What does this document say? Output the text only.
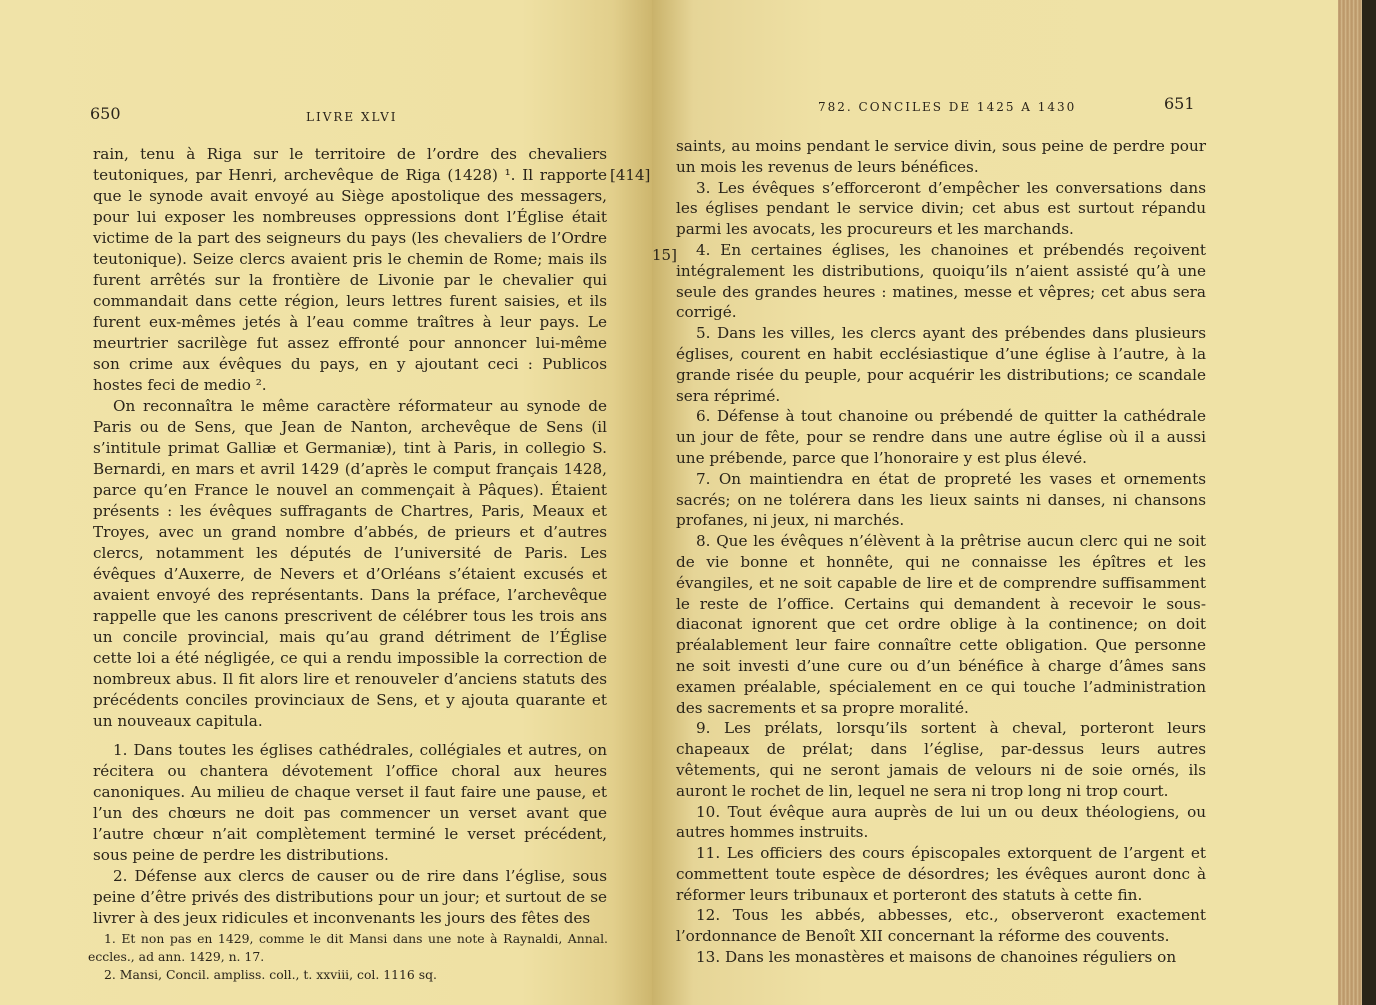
650	LIVRE XLVI

rain, tenu à Riga sur le territoire de l’ordre des chevaliers teutoniques, par Henri, archevêque de Riga (1428) ¹. Il rapporte que le synode avait envoyé au Siège apostolique des messagers, pour lui exposer les nombreuses oppressions dont l’Église était victime de la part des seigneurs du pays (les chevaliers de l’Ordre teutonique). Seize clercs avaient pris le chemin de Rome; mais ils furent arrêtés sur la frontière de Livonie par le chevalier qui commandait dans cette région, leurs lettres furent saisies, et ils furent eux-mêmes jetés à l’eau comme traîtres à leur pays. Le meurtrier sacrilège fut assez effronté pour annoncer lui-même son crime aux évêques du pays, en y ajoutant ceci : Publicos hostes feci de medio ².

On reconnaîtra le même caractère réformateur au synode de Paris ou de Sens, que Jean de Nanton, archevêque de Sens (il s’intitule primat Galliæ et Germaniæ), tint à Paris, in collegio S. Bernardi, en mars et avril 1429 (d’après le comput français 1428, parce qu’en France le nouvel an commençait à Pâques). Étaient présents : les évêques suffragants de Chartres, Paris, Meaux et Troyes, avec un grand nombre d’abbés, de prieurs et d’autres clercs, notamment les députés de l’université de Paris. Les évêques d’Auxerre, de Nevers et d’Orléans s’étaient excusés et avaient envoyé des représentants. Dans la préface, l’archevêque rappelle que les canons prescrivent de célébrer tous les trois ans un concile provincial, mais qu’au grand détriment de l’Église cette loi a été négligée, ce qui a rendu impossible la correction de nombreux abus. Il fit alors lire et renouveler d’anciens statuts des précédents conciles provinciaux de Sens, et y ajouta quarante et un nouveaux capitula.

1. Dans toutes les églises cathédrales, collégiales et autres, on récitera ou chantera dévotement l’office choral aux heures canoniques. Au milieu de chaque verset il faut faire une pause, et l’un des chœurs ne doit pas commencer un verset avant que l’autre chœur n’ait complètement terminé le verset précédent, sous peine de perdre les distributions.

2. Défense aux clercs de causer ou de rire dans l’église, sous peine d’être privés des distributions pour un jour; et surtout de se livrer à des jeux ridicules et inconvenants les jours des fêtes des

[414]

1. Et non pas en 1429, comme le dit Mansi dans une note à Raynaldi, Annal. eccles., ad ann. 1429, n. 17.

2. Mansi, Concil. ampliss. coll., t. xxviii, col. 1116 sq.

782. CONCILES DE 1425 A 1430	651
15]

saints, au moins pendant le service divin, sous peine de perdre pour un mois les revenus de leurs bénéfices.

3. Les évêques s’efforceront d’empêcher les conversations dans les églises pendant le service divin; cet abus est surtout répandu parmi les avocats, les procureurs et les marchands.

4. En certaines églises, les chanoines et prébendés reçoivent intégralement les distributions, quoiqu’ils n’aient assisté qu’à une seule des grandes heures : matines, messe et vêpres; cet abus sera corrigé.

5. Dans les villes, les clercs ayant des prébendes dans plusieurs églises, courent en habit ecclésiastique d’une église à l’autre, à la grande risée du peuple, pour acquérir les distributions; ce scandale sera réprimé.

6. Défense à tout chanoine ou prébendé de quitter la cathédrale un jour de fête, pour se rendre dans une autre église où il a aussi une prébende, parce que l’honoraire y est plus élevé.

7. On maintiendra en état de propreté les vases et ornements sacrés; on ne tolérera dans les lieux saints ni danses, ni chansons profanes, ni jeux, ni marchés.

8. Que les évêques n’élèvent à la prêtrise aucun clerc qui ne soit de vie bonne et honnête, qui ne connaisse les épîtres et les évangiles, et ne soit capable de lire et de comprendre suffisamment le reste de l’office. Certains qui demandent à recevoir le sous-diaconat ignorent que cet ordre oblige à la continence; on doit préalablement leur faire connaître cette obligation. Que personne ne soit investi d’une cure ou d’un bénéfice à charge d’âmes sans examen préalable, spécialement en ce qui touche l’administration des sacrements et sa propre moralité.

9. Les prélats, lorsqu’ils sortent à cheval, porteront leurs chapeaux de prélat; dans l’église, par-dessus leurs autres vêtements, qui ne seront jamais de velours ni de soie ornés, ils auront le rochet de lin, lequel ne sera ni trop long ni trop court.

10. Tout évêque aura auprès de lui un ou deux théologiens, ou autres hommes instruits.

11. Les officiers des cours épiscopales extorquent de l’argent et commettent toute espèce de désordres; les évêques auront donc à réformer leurs tribunaux et porteront des statuts à cette fin.

12. Tous les abbés, abbesses, etc., observeront exactement l’ordonnance de Benoît XII concernant la réforme des couvents.

13. Dans les monastères et maisons de chanoines réguliers on
